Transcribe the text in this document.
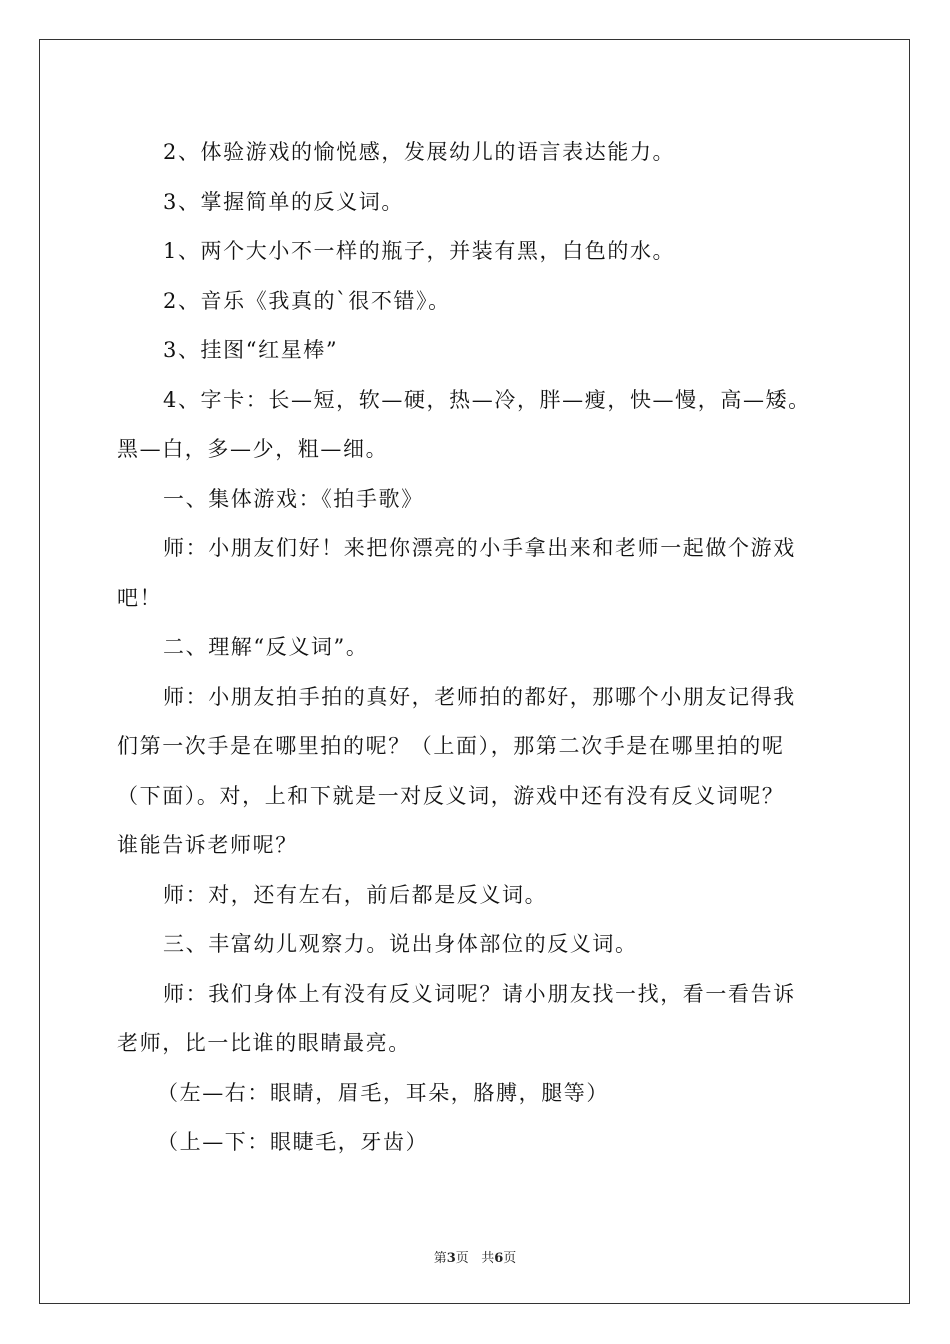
2、体验游戏的愉悦感，发展幼儿的语言表达能力。
3、掌握简单的反义词。
1、两个大小不一样的瓶子，并装有黑，白色的水。
2、音乐《我真的`很不错》。
3、挂图“红星棒”
4、字卡：长—短，软—硬，热—冷，胖—瘦，快—慢，高—矮。
黑—白，多—少，粗—细。
一、集体游戏：《拍手歌》
师：小朋友们好！来把你漂亮的小手拿出来和老师一起做个游戏
吧！
二、理解“反义词”。
师：小朋友拍手拍的真好，老师拍的都好，那哪个小朋友记得我
们第一次手是在哪里拍的呢？（上面），那第二次手是在哪里拍的呢
（下面）。对，上和下就是一对反义词，游戏中还有没有反义词呢？
谁能告诉老师呢？
师：对，还有左右，前后都是反义词。
三、丰富幼儿观察力。说出身体部位的反义词。
师：我们身体上有没有反义词呢？请小朋友找一找，看一看告诉
老师，比一比谁的眼睛最亮。
（左—右：眼睛，眉毛，耳朵，胳膊，腿等）
（上—下：眼睫毛，牙齿）
第3页 共6页
